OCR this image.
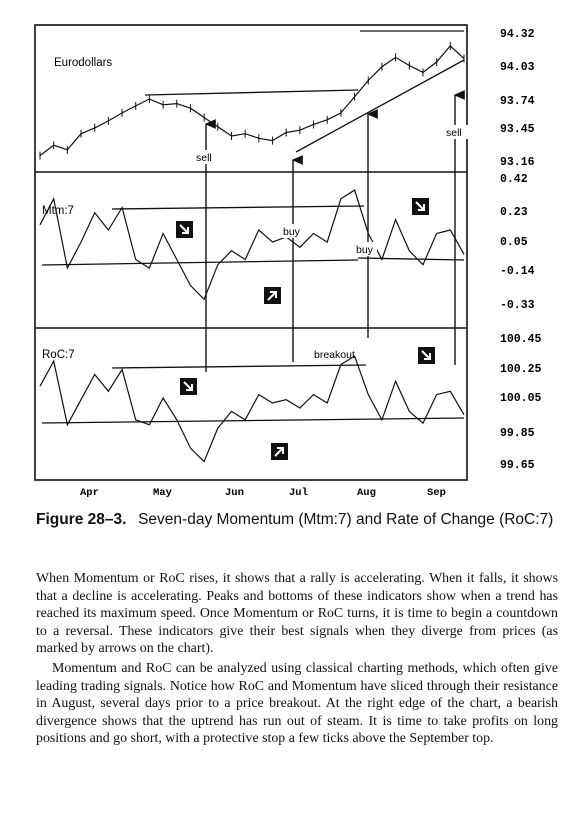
Eurodollars
Mtm:7
RoC:7
94.32
94.03
93.74
93.45
93.16
0.42
0.23
0.05
-0.14
-0.33
100.45
100.25
100.05
99.85
99.65
Apr	May	Jun	Jul	Aug	Sep
sell
sell
buy
buy
breakout
Figure 28–3. Seven-day Momentum (Mtm:7) and Rate of Change (RoC:7)

When Momentum or RoC rises, it shows that a rally is accelerating. When it falls, it shows that a decline is accelerating. Peaks and bottoms of these indicators show when a trend has reached its maximum speed. Once Momentum or RoC turns, it is time to begin a countdown to a reversal. These indicators give their best signals when they diverge from prices (as marked by arrows on the chart).

Momentum and RoC can be analyzed using classical charting methods, which often give leading trading signals. Notice how RoC and Momentum have sliced through their resistance in August, several days prior to a price breakout. At the right edge of the chart, a bearish divergence shows that the uptrend has run out of steam. It is time to take profits on long positions and go short, with a protective stop a few ticks above the September top.
